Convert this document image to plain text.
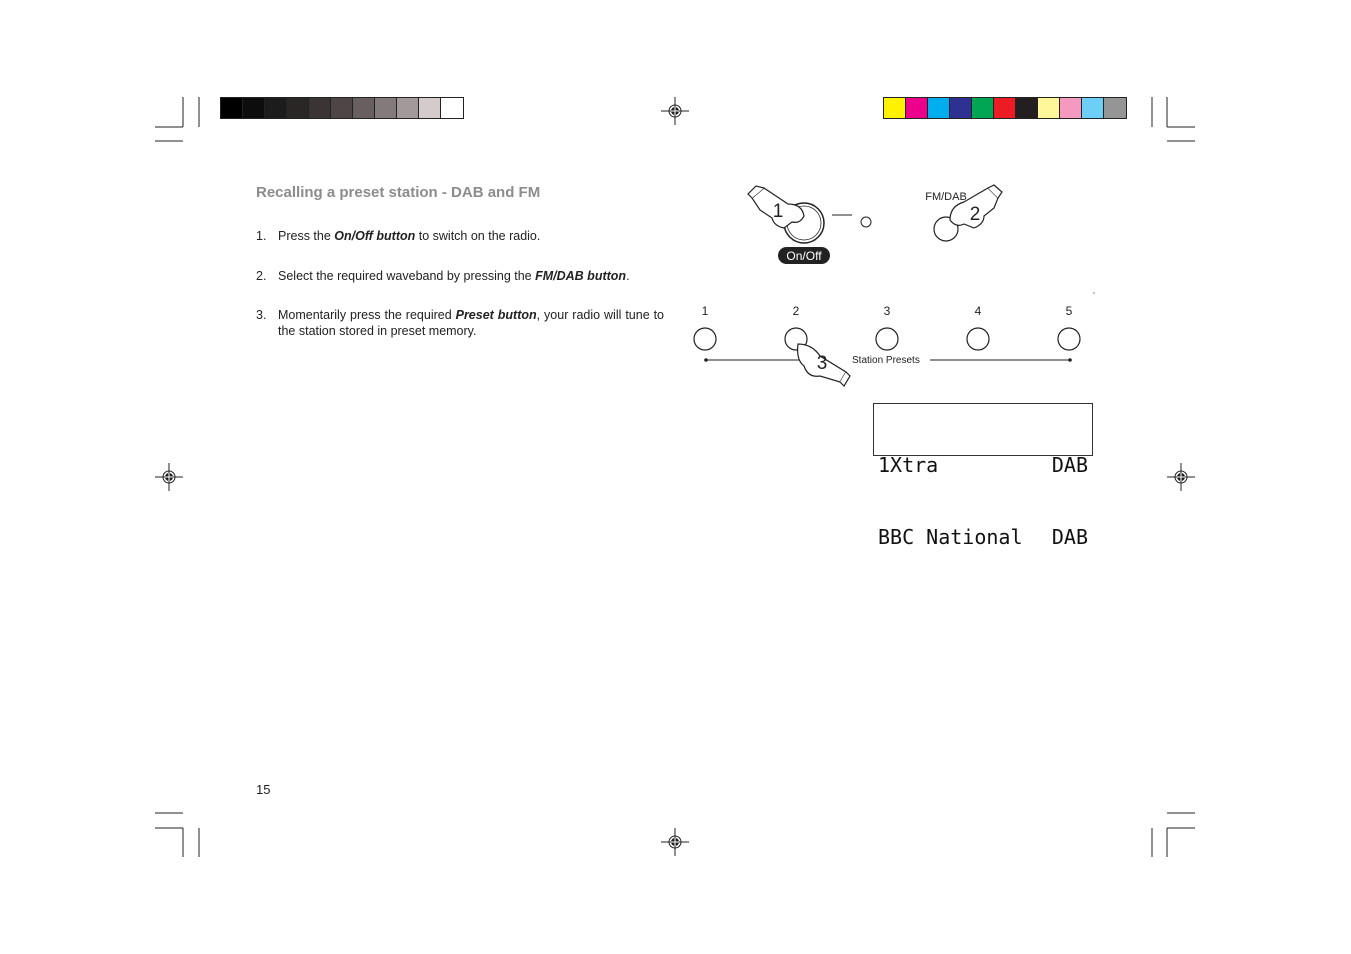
Recalling a preset station - DAB and FM
1. Press the On/Off button to switch on the radio.
2. Select the required waveband by pressing the FM/DAB button.
3. Momentarily press the required Preset button, your radio will tune to the station stored in preset memory.
On/Off
1
FM/DAB
2
1	2	3	4	5
Station Presets
3

1Xtra	DAB

BBC National DAB

15
